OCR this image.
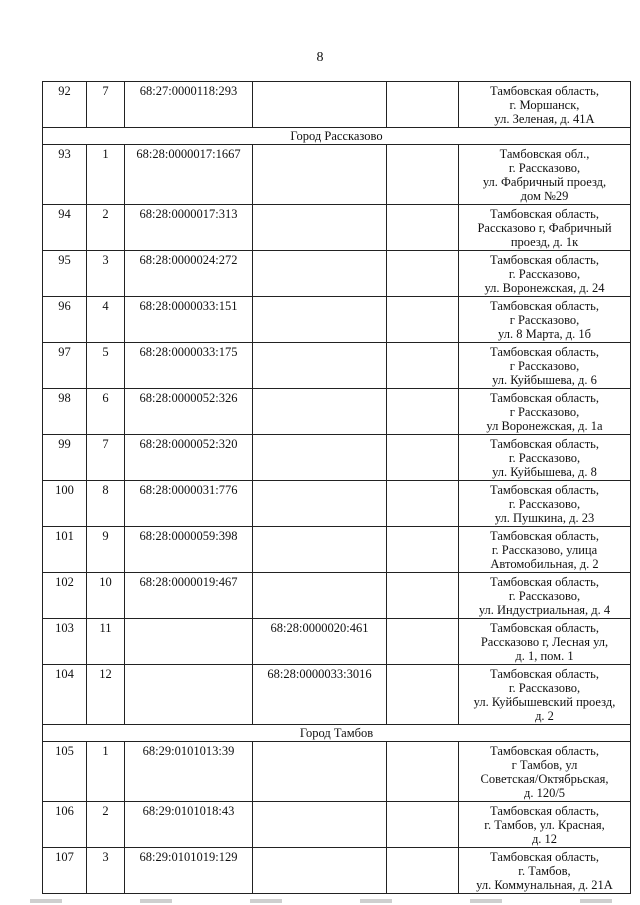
8
92	7	68:27:0000118:293			Тамбовская область,
г. Моршанск,
ул. Зеленая, д. 41А

Город Рассказово					
93	1	68:28:0000017:1667			Тамбовская обл.,
г. Рассказово,
ул. Фабричный проезд,
дом №29

94	2	68:28:0000017:313			Тамбовская область,
Рассказово г, Фабричный
проезд, д. 1к

95	3	68:28:0000024:272			Тамбовская область,
г. Рассказово,
ул. Воронежская, д. 24

96	4	68:28:0000033:151			Тамбовская область,
г Рассказово,
ул. 8 Марта, д. 1б

97	5	68:28:0000033:175			Тамбовская область,
г Рассказово,
ул. Куйбышева, д. 6

98	6	68:28:0000052:326			Тамбовская область,
г Рассказово,
ул Воронежская, д. 1а

99	7	68:28:0000052:320			Тамбовская область,
г. Рассказово,
ул. Куйбышева, д. 8

100	8	68:28:0000031:776			Тамбовская область,
г. Рассказово,
ул. Пушкина, д. 23

101	9	68:28:0000059:398			Тамбовская область,
г. Рассказово, улица
Автомобильная, д. 2

102	10	68:28:0000019:467			Тамбовская область,
г. Рассказово,
ул. Индустриальная, д. 4

103	11		68:28:0000020:461		Тамбовская область,
Рассказово г, Лесная ул,
д. 1, пом. 1

104	12		68:28:0000033:3016		Тамбовская область,
г. Рассказово,
ул. Куйбышевский проезд,
д. 2

Город Тамбов					
105	1	68:29:0101013:39			Тамбовская область,
г Тамбов, ул
Советская/Октябрьская,
д. 120/5

106	2	68:29:0101018:43			Тамбовская область,
г. Тамбов, ул. Красная,
д. 12

107	3	68:29:0101019:129			Тамбовская область,
г. Тамбов,
ул. Коммунальная, д. 21А
